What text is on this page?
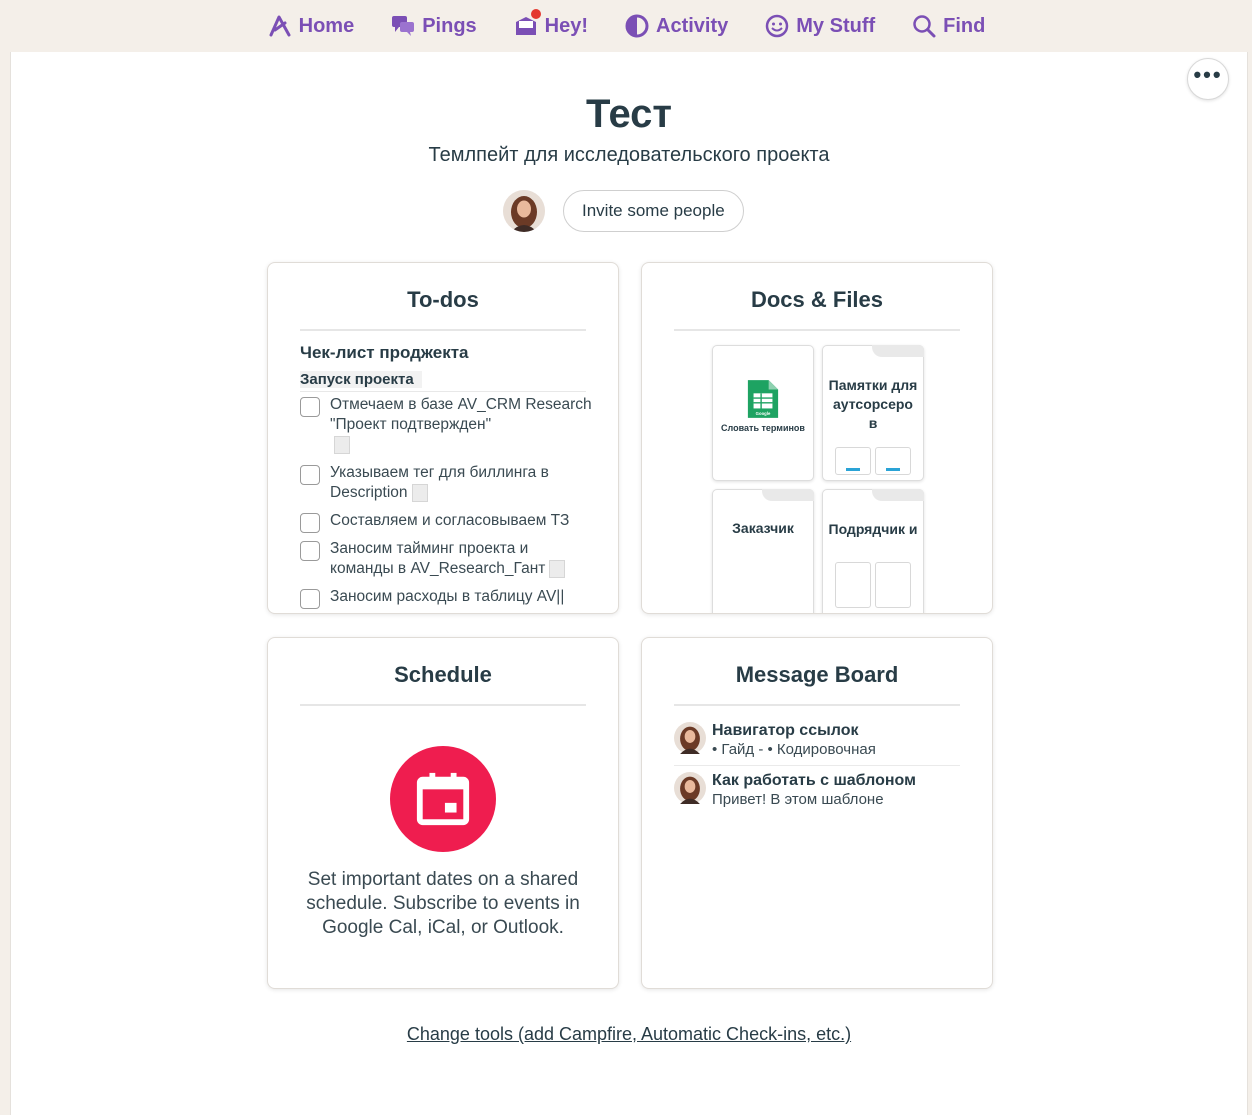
Home	Pings	Hey!	Activity	My Stuff	Find
•••
Тест
Темлпейт для исследовательского проекта
Invite some people
To-dos
Чек-лист проджекта
Запуск проекта
Отмечаем в базе AV_CRM Research "Проект подтвержден"

Указываем тег для биллинга в Description
Составляем и согласовываем ТЗ
Заносим тайминг проекта и команды в AV_Research_Гант
Заносим расходы в таблицу AV||
Docs & Files
Google
Словать терминов
Памятки для аутсорсеро в
Заказчик	Подрядчик и
Schedule
Set important dates on a shared schedule. Subscribe to events in Google Cal, iCal, or Outlook.
Message Board
Навигатор ссылок
• Гайд - • Кодировочная
Как работать с шаблоном
Привет! В этом шаблоне
Change tools (add Campfire, Automatic Check-ins, etc.)
